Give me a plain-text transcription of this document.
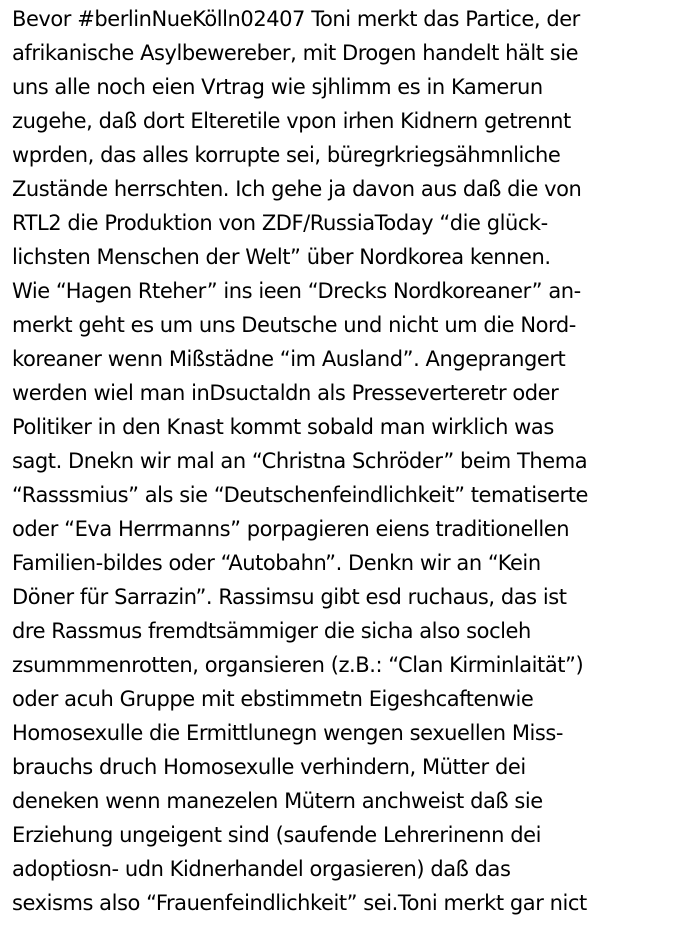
Bevor #berlinNueKölln02407 Toni merkt das Partice, der
afrikanische Asylbewereber, mit Drogen handelt hält sie
uns alle noch eien Vrtrag wie sjhlimm es in Kamerun
zugehe, daß dort Elteretile vpon irhen Kidnern getrennt
wprden, das alles korrupte sei, büregrkriegsähmnliche
Zustände herrschten. Ich gehe ja davon aus daß die von
RTL2 die Produktion von ZDF/RussiaToday “die glück-
lichsten Menschen der Welt” über Nordkorea kennen.
Wie “Hagen Rteher” ins ieen “Drecks Nordkoreaner” an-
merkt geht es um uns Deutsche und nicht um die Nord-
koreaner wenn Mißstädne “im Ausland”. Angeprangert
werden wiel man inDsuctaldn als Presseverteretr oder
Politiker in den Knast kommt sobald man wirklich was
sagt. Dnekn wir mal an “Christna Schröder” beim Thema
“Rasssmius” als sie “Deutschenfeindlichkeit” tematiserte
oder “Eva Herrmanns” porpagieren eiens traditionellen
Familien-bildes oder “Autobahn”. Denkn wir an “Kein
Döner für Sarrazin”. Rassimsu gibt esd ruchaus, das ist
dre Rassmus fremdtsämmiger die sicha also socleh
zsummmenrotten, organsieren (z.B.: “Clan Kirminlaität”)
oder acuh Gruppe mit ebstimmetn Eigeshcaftenwie
Homosexulle die Ermittlunegn wengen sexuellen Miss-
brauchs druch Homosexulle verhindern, Mütter dei
deneken wenn manezelen Mütern anchweist daß sie
Erziehung ungeigent sind (saufende Lehrerinenn dei
adoptiosn- udn Kidnerhandel orgasieren) daß das
sexisms also “Frauenfeindlichkeit” sei.Toni merkt gar nict
